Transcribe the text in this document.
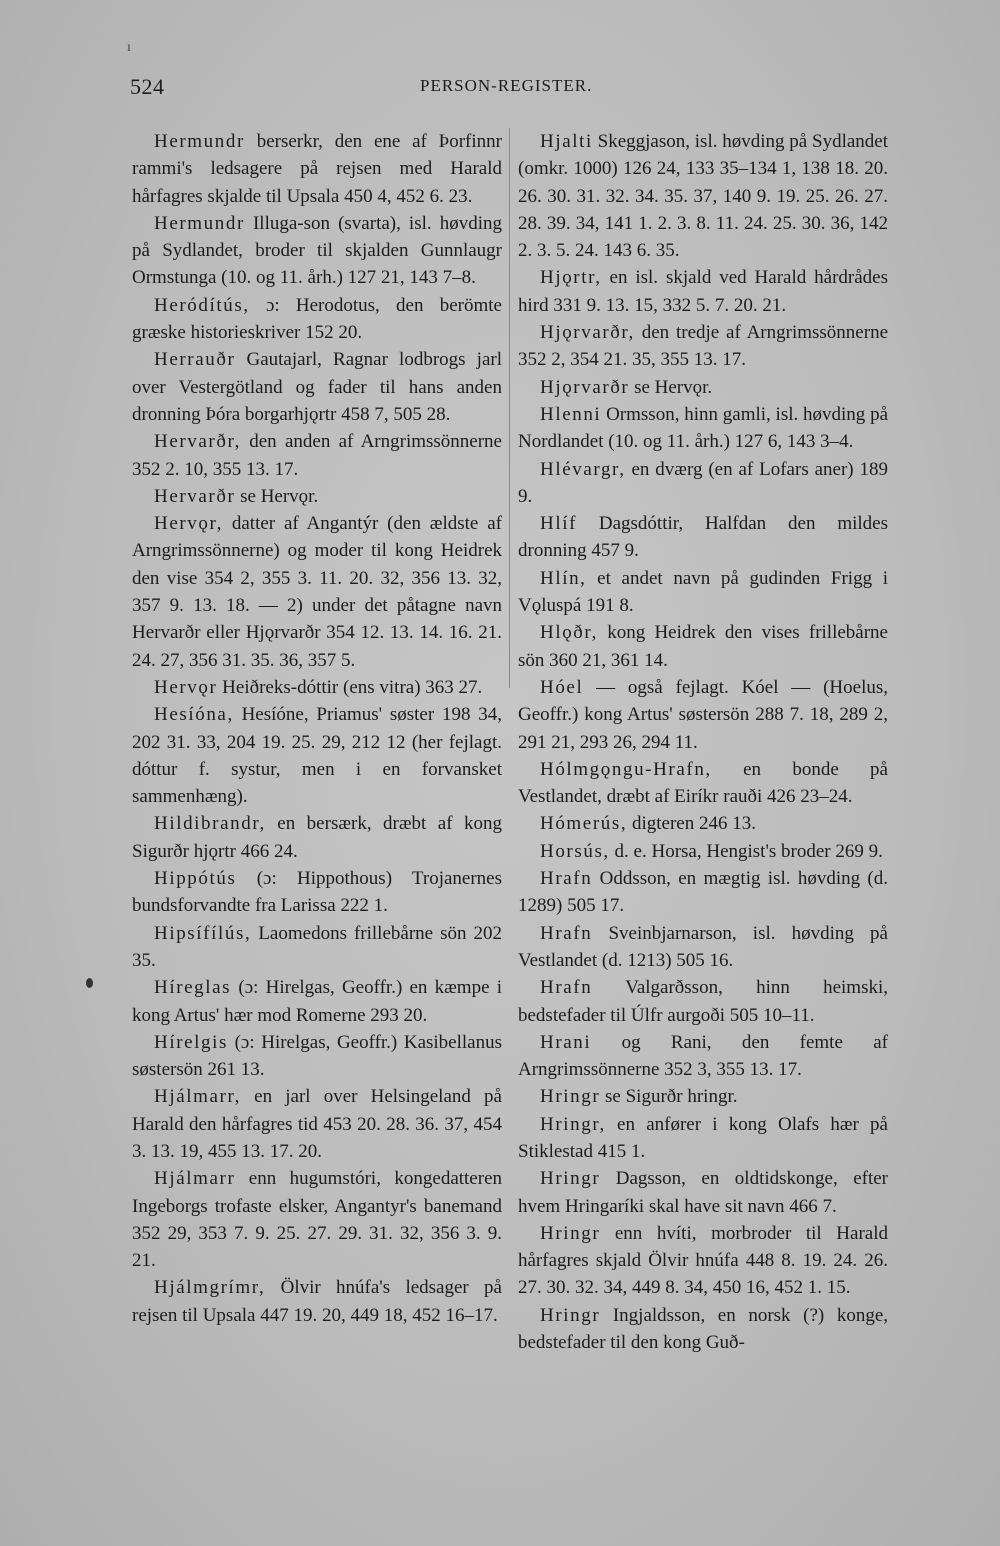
ı
524	PERSON-REGISTER.

Hermundr berserkr, den ene af Þorfinnr rammi's ledsagere på rejsen med Harald hårfagres skjalde til Upsala 450 4, 452 6. 23.

Hermundr Illuga-son (svarta), isl. høvding på Sydlandet, broder til skjalden Gunnlaugr Ormstunga (10. og 11. årh.) 127 21, 143 7–8.

Heródítús, ɔ: Herodotus, den berömte græske historieskriver 152 20.

Herrauðr Gautajarl, Ragnar lodbrogs jarl over Vestergötland og fader til hans anden dronning Þóra borgarhjǫrtr 458 7, 505 28.

Hervarðr, den anden af Arngrimssönnerne 352 2. 10, 355 13. 17.

Hervarðr se Hervǫr.

Hervǫr, datter af Angantýr (den ældste af Arngrimssönnerne) og moder til kong Heidrek den vise 354 2, 355 3. 11. 20. 32, 356 13. 32, 357 9. 13. 18. — 2) under det påtagne navn Hervarðr eller Hjǫrvarðr 354 12. 13. 14. 16. 21. 24. 27, 356 31. 35. 36, 357 5.

Hervǫr Heiðreks-dóttir (ens vitra) 363 27.

Hesíóna, Hesíóne, Priamus' søster 198 34, 202 31. 33, 204 19. 25. 29, 212 12 (her fejlagt. dóttur f. systur, men i en forvansket sammenhæng).

Hildibrandr, en bersærk, dræbt af kong Sigurðr hjǫrtr 466 24.

Hippótús (ɔ: Hippothous) Trojanernes bundsforvandte fra Larissa 222 1.

Hipsífílús, Laomedons frillebårne sön 202 35.

Híreglas (ɔ: Hirelgas, Geoffr.) en kæmpe i kong Artus' hær mod Romerne 293 20.

Hírelgis (ɔ: Hirelgas, Geoffr.) Kasibellanus søstersön 261 13.

Hjálmarr, en jarl over Helsingeland på Harald den hårfagres tid 453 20. 28. 36. 37, 454 3. 13. 19, 455 13. 17. 20.

Hjálmarr enn hugumstóri, kongedatteren Ingeborgs trofaste elsker, Angantyr's banemand 352 29, 353 7. 9. 25. 27. 29. 31. 32, 356 3. 9. 21.

Hjálmgrímr, Ölvir hnúfa's ledsager på rejsen til Upsala 447 19. 20, 449 18, 452 16–17.

Hjalti Skeggjason, isl. høvding på Sydlandet (omkr. 1000) 126 24, 133 35–134 1, 138 18. 20. 26. 30. 31. 32. 34. 35. 37, 140 9. 19. 25. 26. 27. 28. 39. 34, 141 1. 2. 3. 8. 11. 24. 25. 30. 36, 142 2. 3. 5. 24. 143 6. 35.

Hjǫrtr, en isl. skjald ved Harald hårdrådes hird 331 9. 13. 15, 332 5. 7. 20. 21.

Hjǫrvarðr, den tredje af Arngrimssönnerne 352 2, 354 21. 35, 355 13. 17.

Hjǫrvarðr se Hervǫr.

Hlenni Ormsson, hinn gamli, isl. høvding på Nordlandet (10. og 11. årh.) 127 6, 143 3–4.

Hlévargr, en dværg (en af Lofars aner) 189 9.

Hlíf Dagsdóttir, Halfdan den mildes dronning 457 9.

Hlín, et andet navn på gudinden Frigg i Vǫluspá 191 8.

Hlǫðr, kong Heidrek den vises frillebårne sön 360 21, 361 14.

Hóel — også fejlagt. Kóel — (Hoelus, Geoffr.) kong Artus' søstersön 288 7. 18, 289 2, 291 21, 293 26, 294 11.

Hólmgǫngu-Hrafn, en bonde på Vestlandet, dræbt af Eiríkr rauði 426 23–24.

Hómerús, digteren 246 13.

Horsús, d. e. Horsa, Hengist's broder 269 9.

Hrafn Oddsson, en mægtig isl. høvding (d. 1289) 505 17.

Hrafn Sveinbjarnarson, isl. høvding på Vestlandet (d. 1213) 505 16.

Hrafn Valgarðsson, hinn heimski, bedstefader til Úlfr aurgoði 505 10–11.

Hrani og Rani, den femte af Arngrimssönnerne 352 3, 355 13. 17.

Hringr se Sigurðr hringr.

Hringr, en anfører i kong Olafs hær på Stiklestad 415 1.

Hringr Dagsson, en oldtidskonge, efter hvem Hringaríki skal have sit navn 466 7.

Hringr enn hvíti, morbroder til Harald hårfagres skjald Ölvir hnúfa 448 8. 19. 24. 26. 27. 30. 32. 34, 449 8. 34, 450 16, 452 1. 15.

Hringr Ingjaldsson, en norsk (?) konge, bedstefader til den kong Guð-
